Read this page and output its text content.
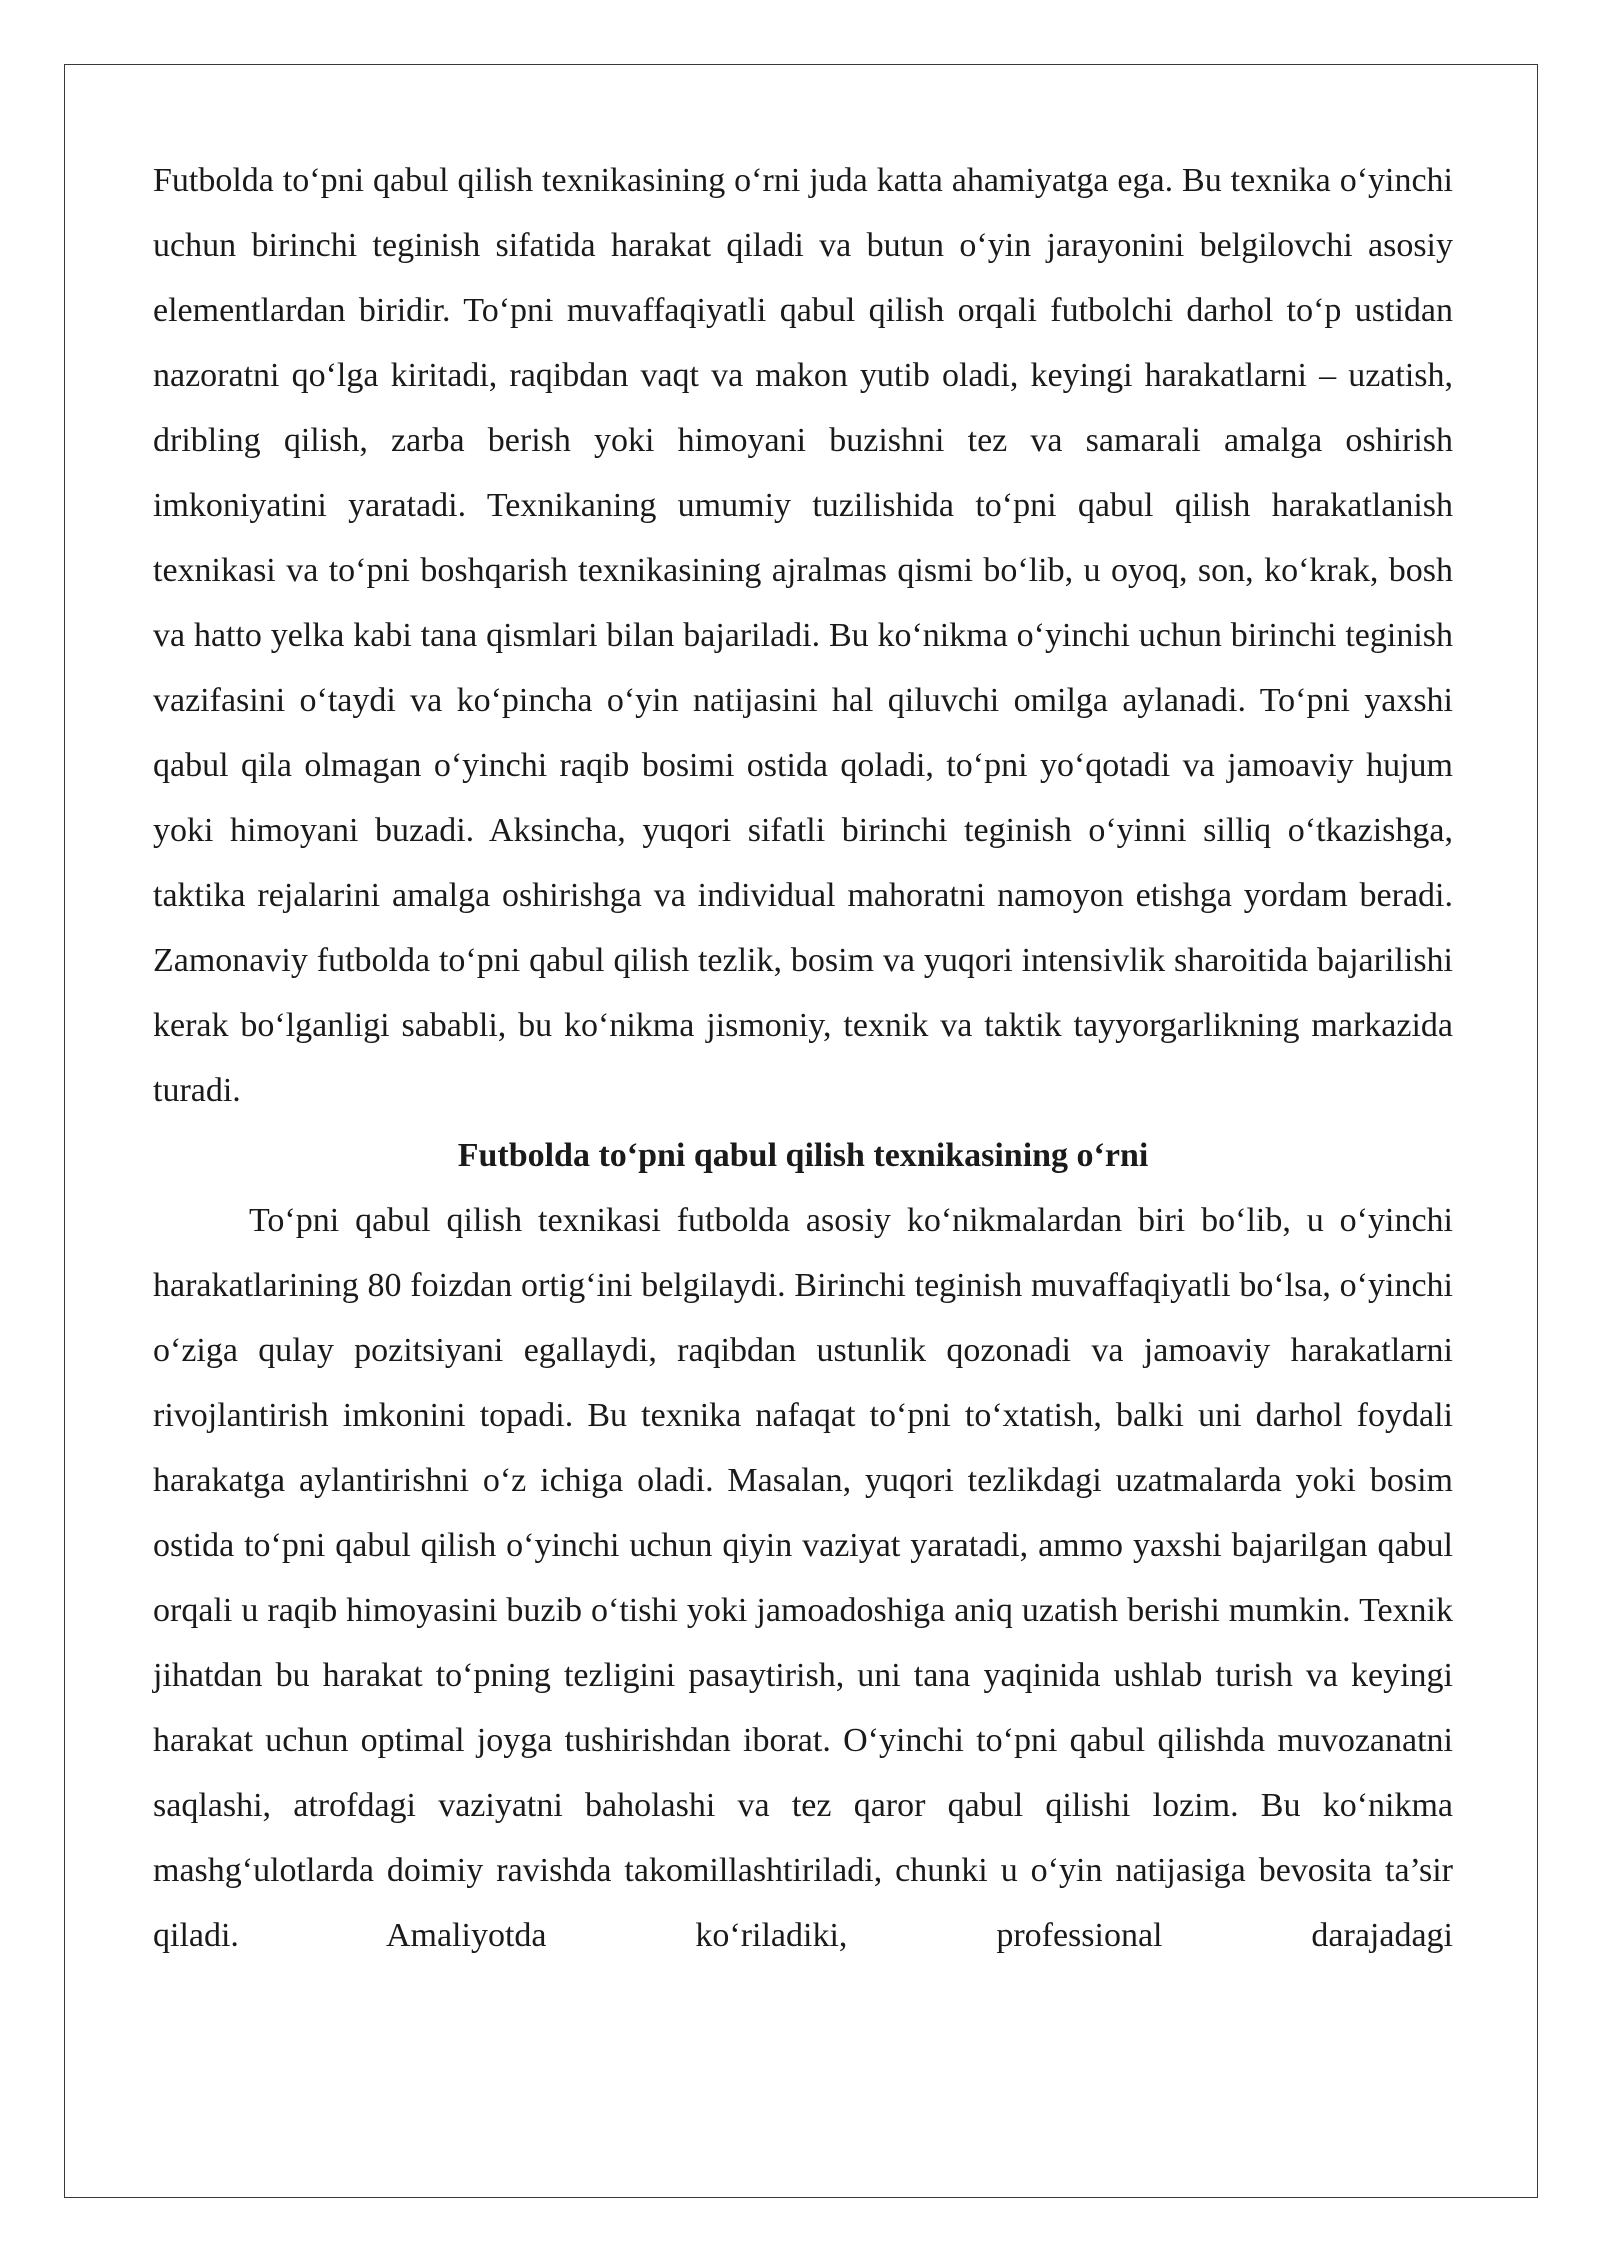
Futbolda to‘pni qabul qilish texnikasining o‘rni juda katta ahamiyatga ega. Bu texnika o‘yinchi uchun birinchi teginish sifatida harakat qiladi va butun o‘yin jarayonini belgilovchi asosiy elementlardan biridir. To‘pni muvaffaqiyatli qabul qilish orqali futbolchi darhol to‘p ustidan nazoratni qo‘lga kiritadi, raqibdan vaqt va makon yutib oladi, keyingi harakatlarni – uzatish, dribling qilish, zarba berish yoki himoyani buzishni tez va samarali amalga oshirish imkoniyatini yaratadi. Texnikaning umumiy tuzilishida to‘pni qabul qilish harakatlanish texnikasi va to‘pni boshqarish texnikasining ajralmas qismi bo‘lib, u oyoq, son, ko‘krak, bosh va hatto yelka kabi tana qismlari bilan bajariladi. Bu ko‘nikma o‘yinchi uchun birinchi teginish vazifasini o‘taydi va ko‘pincha o‘yin natijasini hal qiluvchi omilga aylanadi. To‘pni yaxshi qabul qila olmagan o‘yinchi raqib bosimi ostida qoladi, to‘pni yo‘qotadi va jamoaviy hujum yoki himoyani buzadi. Aksincha, yuqori sifatli birinchi teginish o‘yinni silliq o‘tkazishga, taktika rejalarini amalga oshirishga va individual mahoratni namoyon etishga yordam beradi. Zamonaviy futbolda to‘pni qabul qilish tezlik, bosim va yuqori intensivlik sharoitida bajarilishi kerak bo‘lganligi sababli, bu ko‘nikma jismoniy, texnik va taktik tayyorgarlikning markazida turadi.

Futbolda to‘pni qabul qilish texnikasining o‘rni

To‘pni qabul qilish texnikasi futbolda asosiy ko‘nikmalardan biri bo‘lib, u o‘yinchi harakatlarining 80 foizdan ortig‘ini belgilaydi. Birinchi teginish muvaffaqiyatli bo‘lsa, o‘yinchi o‘ziga qulay pozitsiyani egallaydi, raqibdan ustunlik qozonadi va jamoaviy harakatlarni rivojlantirish imkonini topadi. Bu texnika nafaqat to‘pni to‘xtatish, balki uni darhol foydali harakatga aylantirishni o‘z ichiga oladi. Masalan, yuqori tezlikdagi uzatmalarda yoki bosim ostida to‘pni qabul qilish o‘yinchi uchun qiyin vaziyat yaratadi, ammo yaxshi bajarilgan qabul orqali u raqib himoyasini buzib o‘tishi yoki jamoadoshiga aniq uzatish berishi mumkin. Texnik jihatdan bu harakat to‘pning tezligini pasaytirish, uni tana yaqinida ushlab turish va keyingi harakat uchun optimal joyga tushirishdan iborat. O‘yinchi to‘pni qabul qilishda muvozanatni saqlashi, atrofdagi vaziyatni baholashi va tez qaror qabul qilishi lozim. Bu ko‘nikma mashg‘ulotlarda doimiy ravishda takomillashtiriladi, chunki u o‘yin natijasiga bevosita ta’sir qiladi. Amaliyotda ko‘riladiki, professional darajadagi
